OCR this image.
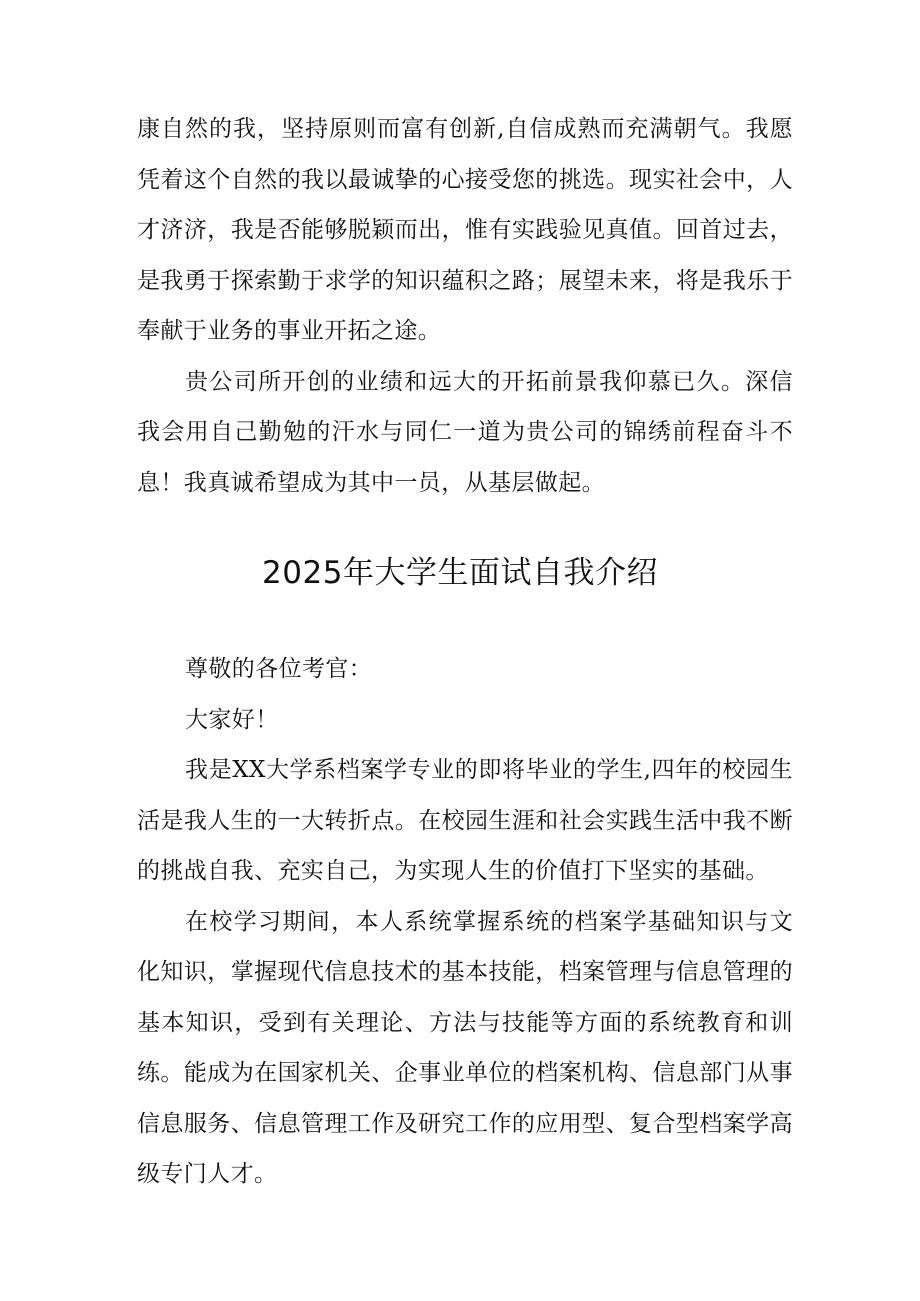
康自然的我，坚持原则而富有创新,自信成熟而充满朝气。我愿凭着这个自然的我以最诚挚的心接受您的挑选。现实社会中，人才济济，我是否能够脱颖而出，惟有实践验见真值。回首过去，是我勇于探索勤于求学的知识蕴积之路；展望未来，将是我乐于奉献于业务的事业开拓之途。

贵公司所开创的业绩和远大的开拓前景我仰慕已久。深信我会用自己勤勉的汗水与同仁一道为贵公司的锦绣前程奋斗不息！我真诚希望成为其中一员，从基层做起。

2025年大学生面试自我介绍

尊敬的各位考官：

大家好！

我是XX大学系档案学专业的即将毕业的学生,四年的校园生活是我人生的一大转折点。在校园生涯和社会实践生活中我不断的挑战自我、充实自己，为实现人生的价值打下坚实的基础。

在校学习期间，本人系统掌握系统的档案学基础知识与文化知识，掌握现代信息技术的基本技能，档案管理与信息管理的基本知识，受到有关理论、方法与技能等方面的系统教育和训练。能成为在国家机关、企事业单位的档案机构、信息部门从事信息服务、信息管理工作及研究工作的应用型、复合型档案学高级专门人才。
